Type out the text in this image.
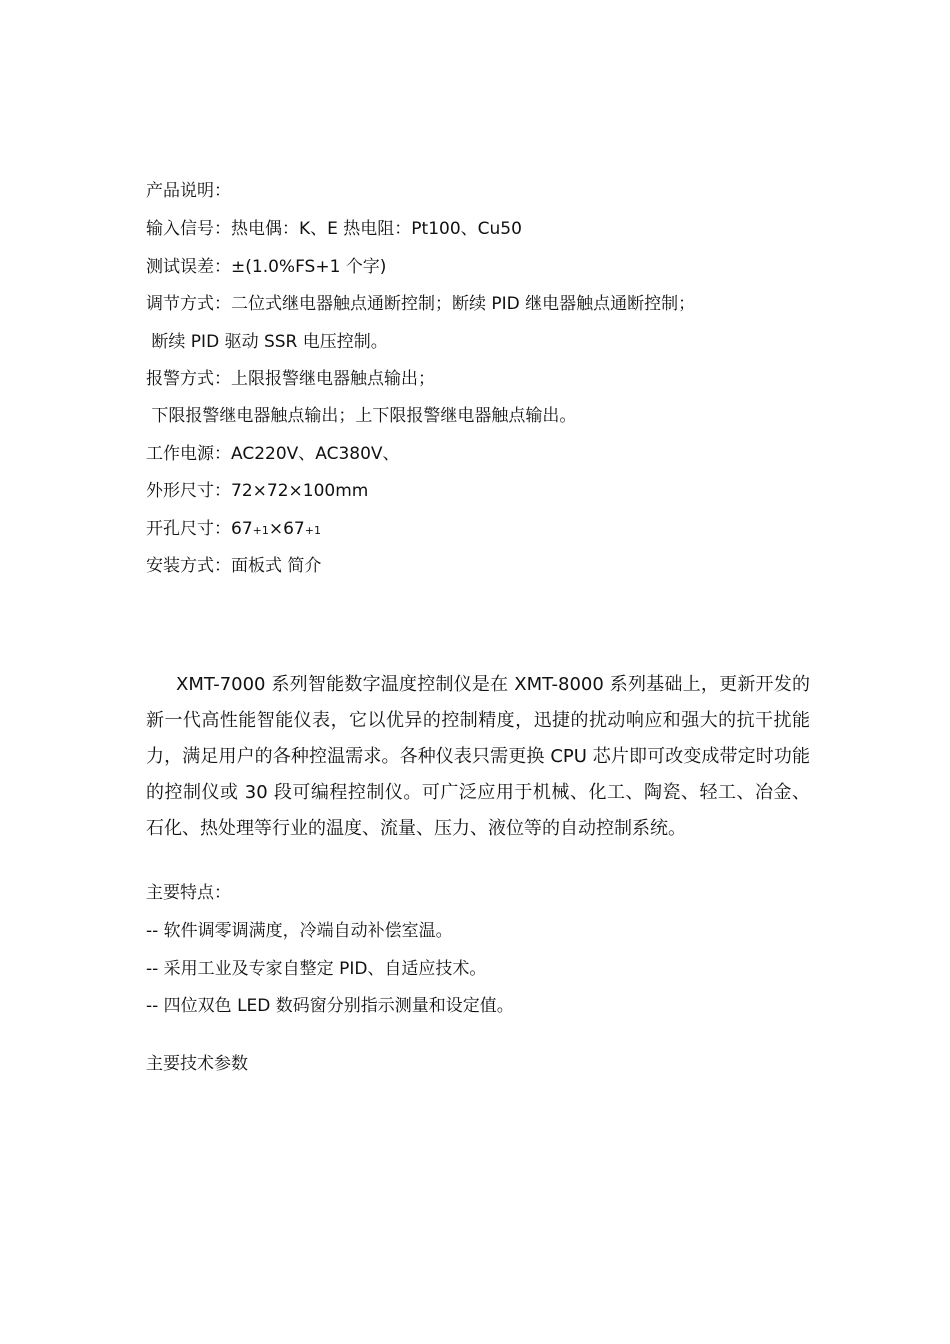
产品说明：
输入信号：热电偶：K、E 热电阻：Pt100、Cu50
测试误差：±(1.0%FS+1 个字)
调节方式：二位式继电器触点通断控制；断续 PID 继电器触点通断控制；
断续 PID 驱动 SSR 电压控制。
报警方式：上限报警继电器触点输出；
下限报警继电器触点输出；上下限报警继电器触点输出。
工作电源：AC220V、AC380V、
外形尺寸：72×72×100mm
开孔尺寸：67+1×67+1
安装方式：面板式 简介
XMT-7000 系列智能数字温度控制仪是在 XMT-8000 系列基础上，更新开发的新一代高性能智能仪表，它以优异的控制精度，迅捷的扰动响应和强大的抗干扰能力，满足用户的各种控温需求。各种仪表只需更换 CPU 芯片即可改变成带定时功能的控制仪或 30 段可编程控制仪。可广泛应用于机械、化工、陶瓷、轻工、冶金、石化、热处理等行业的温度、流量、压力、液位等的自动控制系统。
主要特点：
-- 软件调零调满度，冷端自动补偿室温。
-- 采用工业及专家自整定 PID、自适应技术。
-- 四位双色 LED 数码窗分别指示测量和设定值。
主要技术参数
